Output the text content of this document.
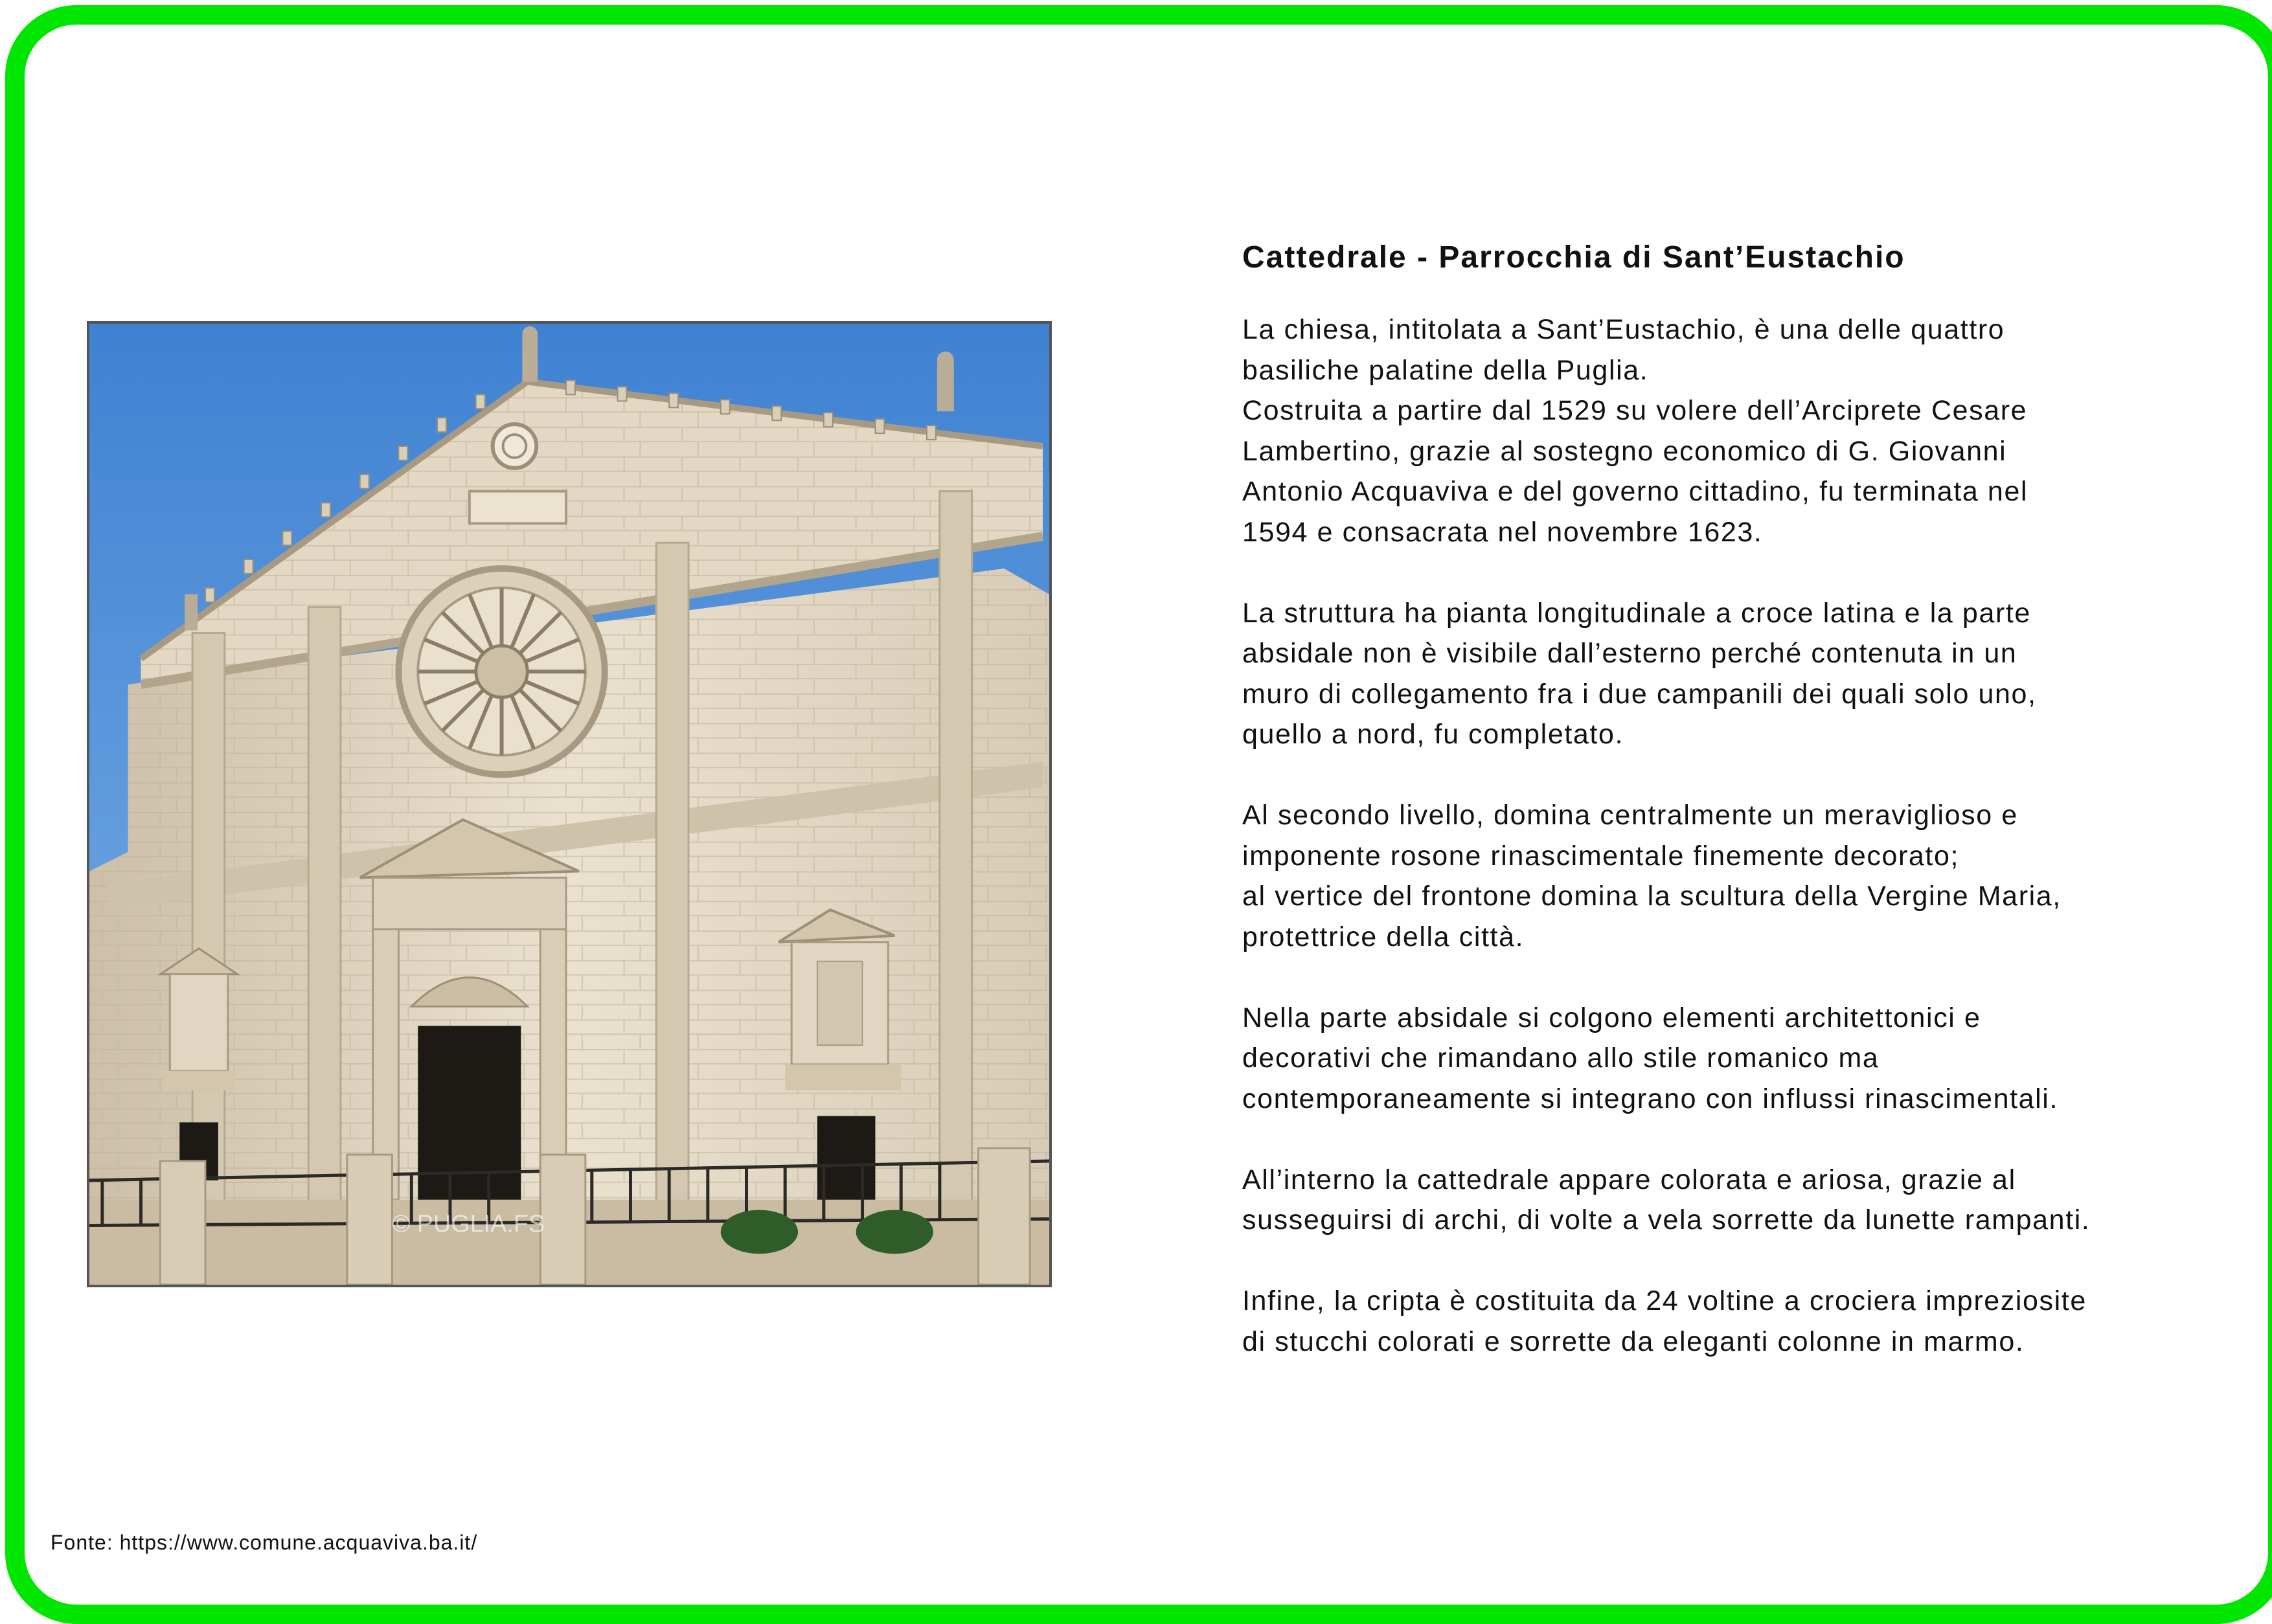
© PUGLIA.FS
Cattedrale - Parrocchia di Sant’Eustachio

La chiesa, intitolata a Sant’Eustachio, è una delle quattro
basiliche palatine della Puglia.
Costruita a partire dal 1529 su volere dell’Arciprete Cesare
Lambertino, grazie al sostegno economico di G. Giovanni
Antonio Acquaviva e del governo cittadino, fu terminata nel
1594 e consacrata nel novembre 1623.

La struttura ha pianta longitudinale a croce latina e la parte
absidale non è visibile dall’esterno perché contenuta in un
muro di collegamento fra i due campanili dei quali solo uno,
quello a nord, fu completato.

Al secondo livello, domina centralmente un meraviglioso e
imponente rosone rinascimentale finemente decorato;
al vertice del frontone domina la scultura della Vergine Maria,
protettrice della città.

Nella parte absidale si colgono elementi architettonici e
decorativi che rimandano allo stile romanico ma
contemporaneamente si integrano con influssi rinascimentali.

All’interno la cattedrale appare colorata e ariosa, grazie al
susseguirsi di archi, di volte a vela sorrette da lunette rampanti.

Infine, la cripta è costituita da 24 voltine a crociera impreziosite
di stucchi colorati e sorrette da eleganti colonne in marmo.

Fonte: https://www.comune.acquaviva.ba.it/
